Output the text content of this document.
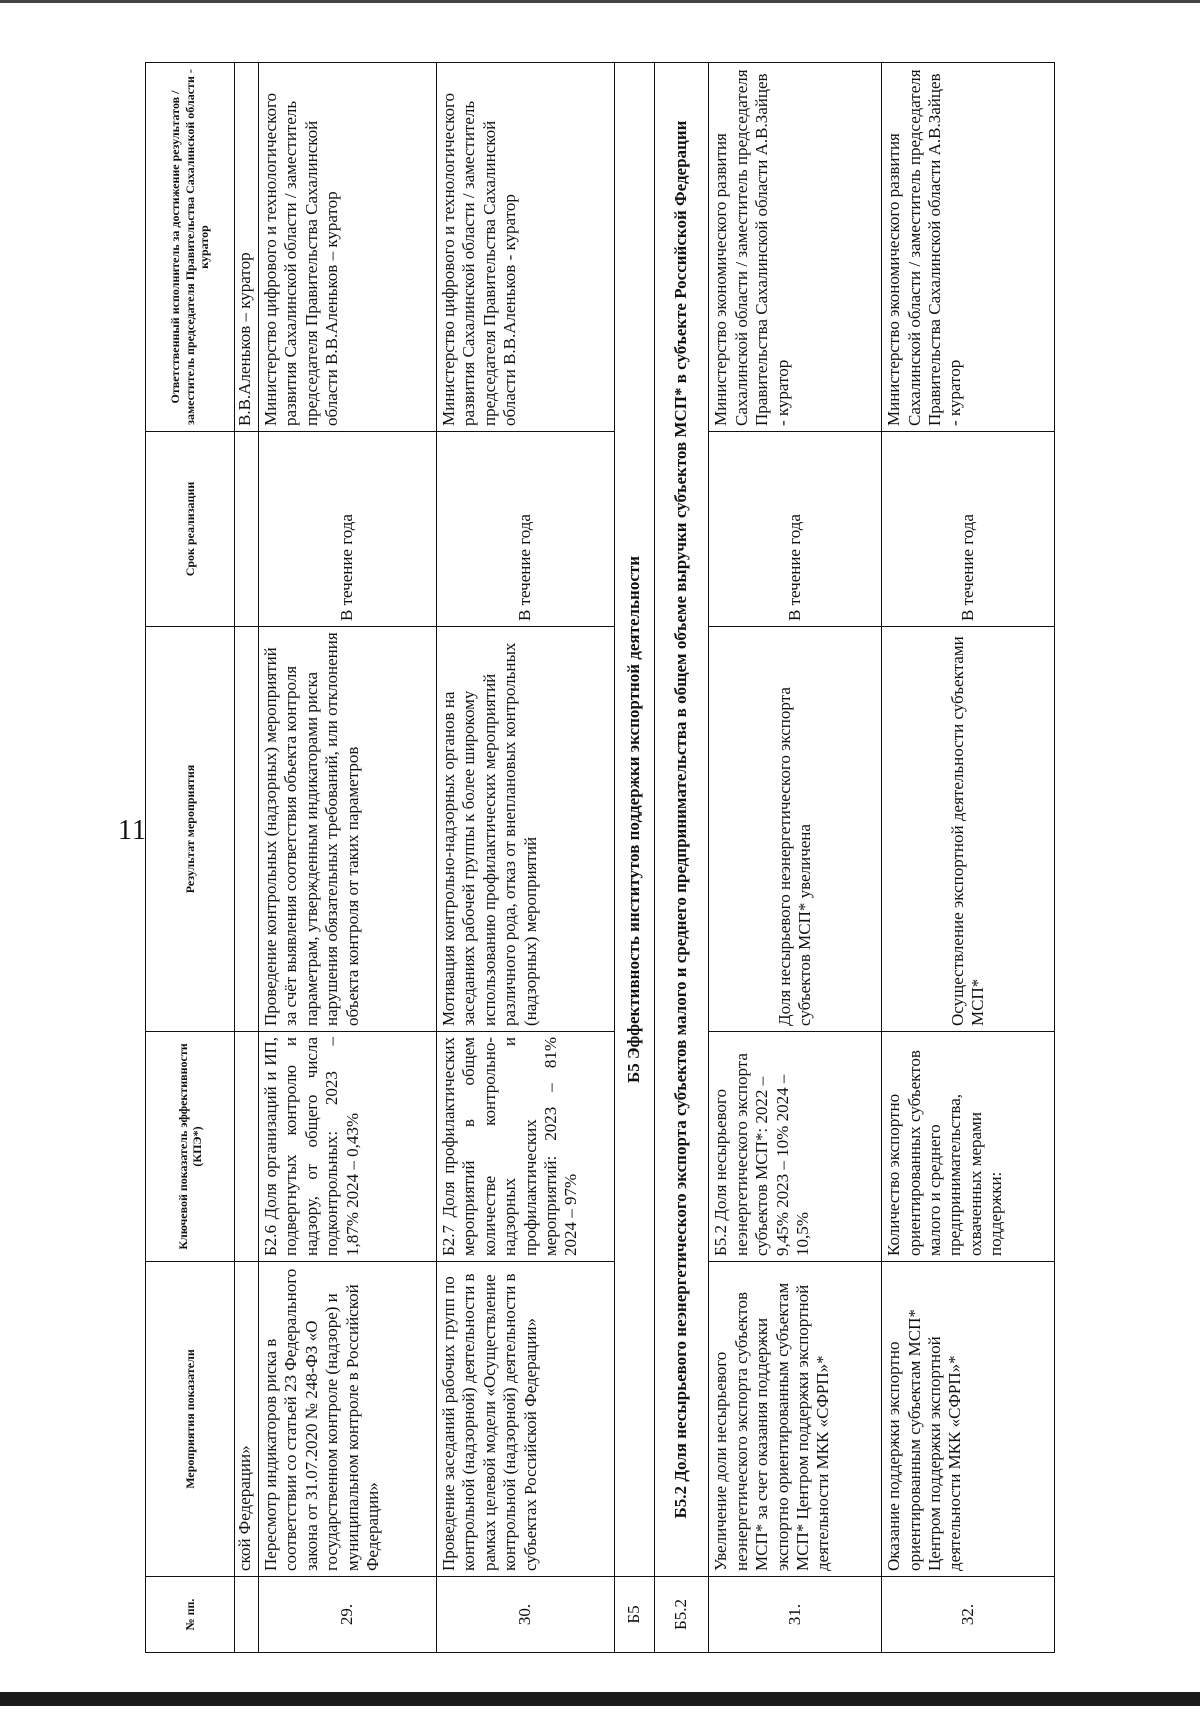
11
№ пп.	Мероприятия показатели	Ключевой показатель эффективности (КПЭ*)	Результат мероприятия	Срок реализации	Ответственный исполнитель за достижение результатов / заместитель председателя Правительства Сахалинской области - куратор
	ской Федерации»				В.В.Аленьков – куратор
29.	Пересмотр индикаторов риска в соответствии со статьей 23 Федерального закона от 31.07.2020 № 248-ФЗ «О государственном контроле (надзоре) и муниципальном контроле в Российской Федерации»	Б2.6 Доля организаций и ИП, подвергнутых контролю и надзору, от общего числа подконтрольных: 2023 – 1,87% 2024 – 0,43%	Проведение контрольных (надзорных) мероприятий за счёт выявления соответствия объекта контроля параметрам, утвержденным индикаторами риска нарушения обязательных требований, или отклонения объекта контроля от таких параметров	В течение года	Министерство цифрового и технологического развития Сахалинской области / заместитель председателя Правительства Сахалинской области В.В.Аленьков – куратор
30.	Проведение заседаний рабочих групп по контрольной (надзорной) деятельности в рамках целевой модели «Осуществление контрольной (надзорной) деятельности в субъектах Российской Федерации»	Б2.7 Доля профилактических мероприятий в общем количестве контрольно-надзорных и профилактических мероприятий: 2023 – 81% 2024 – 97%	Мотивация контрольно-надзорных органов на заседаниях рабочей группы к более широкому использованию профилактических мероприятий различного рода, отказ от внеплановых контрольных (надзорных) мероприятий	В течение года	Министерство цифрового и технологического развития Сахалинской области / заместитель председателя Правительства Сахалинской области В.В.Аленьков - куратор
Б5	Б5 Эффективность институтов поддержки экспортной деятельности				
Б5.2	Б5.2 Доля несырьевого неэнергетического экспорта субъектов малого и среднего предпринимательства в общем объеме выручки субъектов МСП* в субъекте Российской Федерации				
31.	Увеличение доли несырьевого неэнергетического экспорта субъектов МСП* за счет оказания поддержки экспортно ориентированным субъектам МСП* Центром поддержки экспортной деятельности МКК «СФРП»*	Б5.2 Доля несырьевого неэнергетического экспорта субъектов МСП*: 2022 – 9,45% 2023 – 10% 2024 – 10,5%	Доля несырьевого неэнергетического экспорта субъектов МСП* увеличена	В течение года	Министерство экономического развития Сахалинской области / заместитель председателя Правительства Сахалинской области А.В.Зайцев - куратор
32.	Оказание поддержки экспортно ориентированным субъектам МСП* Центром поддержки экспортной деятельности МКК «СФРП»*	Количество экспортно ориентированных субъектов малого и среднего предпринимательства, охваченных мерами поддержки:	Осуществление экспортной деятельности субъектами МСП*	В течение года	Министерство экономического развития Сахалинской области / заместитель председателя Правительства Сахалинской области А.В.Зайцев - куратор
